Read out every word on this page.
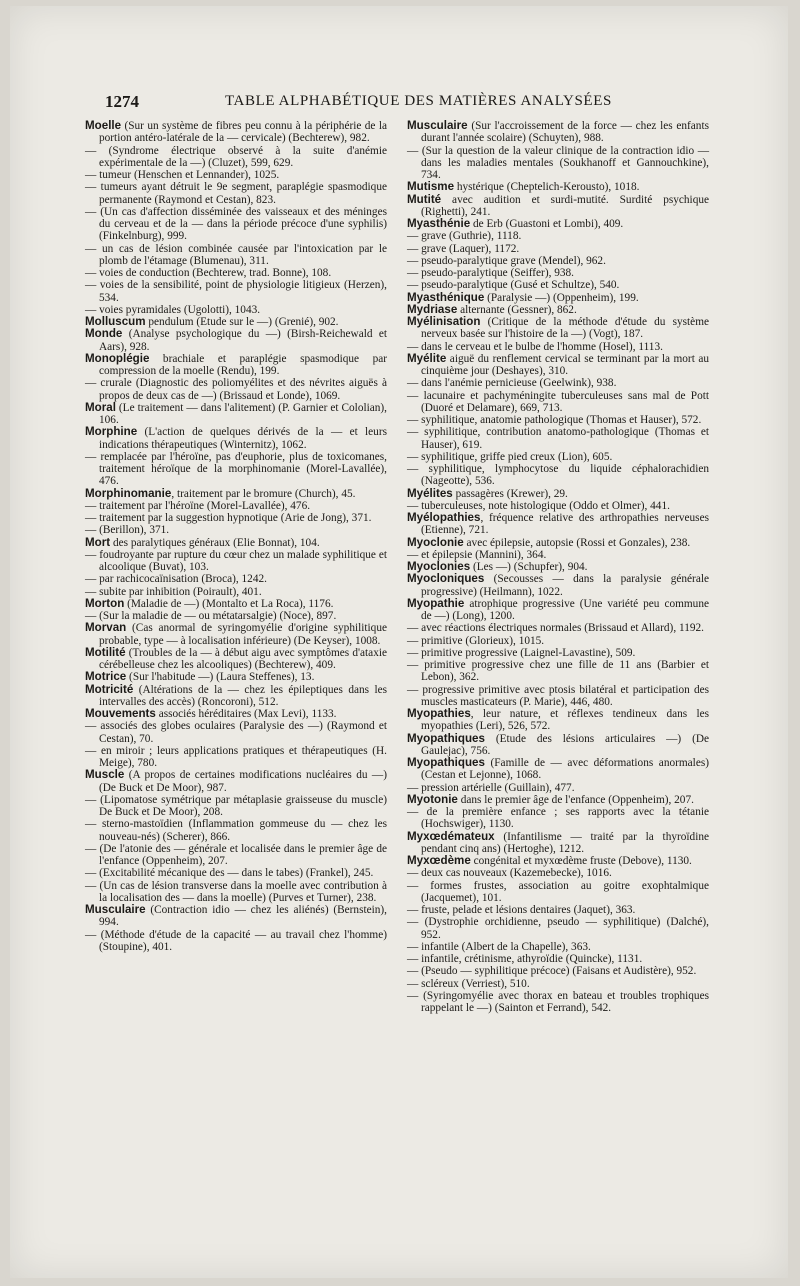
1274	TABLE ALPHABÉTIQUE DES MATIÈRES ANALYSÉES
Moelle (Sur un système de fibres peu connu à la périphérie de la portion antéro-latérale de la — cervicale) (Bechterew), 982.
— (Syndrome électrique observé à la suite d'anémie expérimentale de la —) (Cluzet), 599, 629.
— tumeur (Henschen et Lennander), 1025.
— tumeurs ayant détruit le 9e segment, paraplégie spasmodique permanente (Raymond et Cestan), 823.
— (Un cas d'affection disséminée des vaisseaux et des méninges du cerveau et de la — dans la période précoce d'une syphilis) (Finkelnburg), 999.
— un cas de lésion combinée causée par l'intoxication par le plomb de l'étamage (Blumenau), 311.
— voies de conduction (Bechterew, trad. Bonne), 108.
— voies de la sensibilité, point de physiologie litigieux (Herzen), 534.
— voies pyramidales (Ugolotti), 1043.
Molluscum pendulum (Etude sur le —) (Grenié), 902.
Monde (Analyse psychologique du —) (Birsh-Reichewald et Aars), 928.
Monoplégie brachiale et paraplégie spasmodique par compression de la moelle (Rendu), 199.
— crurale (Diagnostic des poliomyélites et des névrites aiguës à propos de deux cas de —) (Brissaud et Londe), 1069.
Moral (Le traitement — dans l'alitement) (P. Garnier et Cololian), 106.
Morphine (L'action de quelques dérivés de la — et leurs indications thérapeutiques (Winternitz), 1062.
— remplacée par l'héroïne, pas d'euphorie, plus de toxicomanes, traitement héroïque de la morphinomanie (Morel-Lavallée), 476.
Morphinomanie, traitement par le bromure (Church), 45.
— traitement par l'héroïne (Morel-Lavallée), 476.
— traitement par la suggestion hypnotique (Arie de Jong), 371.
— (Berillon), 371.
Mort des paralytiques généraux (Elie Bonnat), 104.
— foudroyante par rupture du cœur chez un malade syphilitique et alcoolique (Buvat), 103.
— par rachicocaïnisation (Broca), 1242.
— subite par inhibition (Poirault), 401.
Morton (Maladie de —) (Montalto et La Roca), 1176.
— (Sur la maladie de — ou métatarsalgie) (Noce), 897.
Morvan (Cas anormal de syringomyélie d'origine syphilitique probable, type — à localisation inférieure) (De Keyser), 1008.
Motilité (Troubles de la — à début aigu avec symptômes d'ataxie cérébelleuse chez les alcooliques) (Bechterew), 409.
Motrice (Sur l'habitude —) (Laura Steffenes), 13.
Motricité (Altérations de la — chez les épileptiques dans les intervalles des accès) (Roncoroni), 512.
Mouvements associés héréditaires (Max Levi), 1133.
— associés des globes oculaires (Paralysie des —) (Raymond et Cestan), 70.
— en miroir ; leurs applications pratiques et thérapeutiques (H. Meige), 780.
Muscle (A propos de certaines modifications nucléaires du —) (De Buck et De Moor), 987.
— (Lipomatose symétrique par métaplasie graisseuse du muscle) De Buck et De Moor), 208.
— sterno-mastoïdien (Inflammation gommeuse du — chez les nouveau-nés) (Scherer), 866.
— (De l'atonie des — générale et localisée dans le premier âge de l'enfance (Oppenheim), 207.
— (Excitabilité mécanique des — dans le tabes) (Frankel), 245.
— (Un cas de lésion transverse dans la moelle avec contribution à la localisation des — dans la moelle) (Purves et Turner), 238.
Musculaire (Contraction idio — chez les aliénés) (Bernstein), 994.
— (Méthode d'étude de la capacité — au travail chez l'homme) (Stoupine), 401.
Musculaire (Sur l'accroissement de la force — chez les enfants durant l'année scolaire) (Schuyten), 988.
— (Sur la question de la valeur clinique de la contraction idio — dans les maladies mentales (Soukhanoff et Gannouchkine), 734.
Mutisme hystérique (Cheptelich-Kerousto), 1018.
Mutité avec audition et surdi-mutité. Surdité psychique (Righetti), 241.
Myasthénie de Erb (Guastoni et Lombi), 409.
— grave (Guthrie), 1118.
— grave (Laquer), 1172.
— pseudo-paralytique grave (Mendel), 962.
— pseudo-paralytique (Seiffer), 938.
— pseudo-paralytique (Gusé et Schultze), 540.
Myasthénique (Paralysie —) (Oppenheim), 199.
Mydriase alternante (Gessner), 862.
Myélinisation (Critique de la méthode d'étude du système nerveux basée sur l'histoire de la —) (Vogt), 187.
— dans le cerveau et le bulbe de l'homme (Hosel), 1113.
Myélite aiguë du renflement cervical se terminant par la mort au cinquième jour (Deshayes), 310.
— dans l'anémie pernicieuse (Geelwink), 938.
— lacunaire et pachyméningite tuberculeuses sans mal de Pott (Duoré et Delamare), 669, 713.
— syphilitique, anatomie pathologique (Thomas et Hauser), 572.
— syphilitique, contribution anatomo-pathologique (Thomas et Hauser), 619.
— syphilitique, griffe pied creux (Lion), 605.
— syphilitique, lymphocytose du liquide céphalorachidien (Nageotte), 536.
Myélites passagères (Krewer), 29.
— tuberculeuses, note histologique (Oddo et Olmer), 441.
Myélopathies, fréquence relative des arthropathies nerveuses (Etienne), 721.
Myoclonie avec épilepsie, autopsie (Rossi et Gonzales), 238.
— et épilepsie (Mannini), 364.
Myoclonies (Les —) (Schupfer), 904.
Myocloniques (Secousses — dans la paralysie générale progressive) (Heilmann), 1022.
Myopathie atrophique progressive (Une variété peu commune de —) (Long), 1200.
— avec réactions électriques normales (Brissaud et Allard), 1192.
— primitive (Glorieux), 1015.
— primitive progressive (Laignel-Lavastine), 509.
— primitive progressive chez une fille de 11 ans (Barbier et Lebon), 362.
— progressive primitive avec ptosis bilatéral et participation des muscles masticateurs (P. Marie), 446, 480.
Myopathies, leur nature, et réflexes tendineux dans les myopathies (Leri), 526, 572.
Myopathiques (Etude des lésions articulaires —) (De Gaulejac), 756.
Myopathiques (Famille de — avec déformations anormales) (Cestan et Lejonne), 1068.
— pression artérielle (Guillain), 477.
Myotonie dans le premier âge de l'enfance (Oppenheim), 207.
— de la première enfance ; ses rapports avec la tétanie (Hochswiger), 1130.
Myxœdémateux (Infantilisme — traité par la thyroïdine pendant cinq ans) (Hertoghe), 1212.
Myxœdème congénital et myxœdème fruste (Debove), 1130.
— deux cas nouveaux (Kazemebecke), 1016.
— formes frustes, association au goitre exophtalmique (Jacquemet), 101.
— fruste, pelade et lésions dentaires (Jaquet), 363.
— (Dystrophie orchidienne, pseudo — syphilitique) (Dalché), 952.
— infantile (Albert de la Chapelle), 363.
— infantile, crétinisme, athyroïdie (Quincke), 1131.
— (Pseudo — syphilitique précoce) (Faisans et Audistère), 952.
— scléreux (Verriest), 510.
— (Syringomyélie avec thorax en bateau et troubles trophiques rappelant le —) (Sainton et Ferrand), 542.
